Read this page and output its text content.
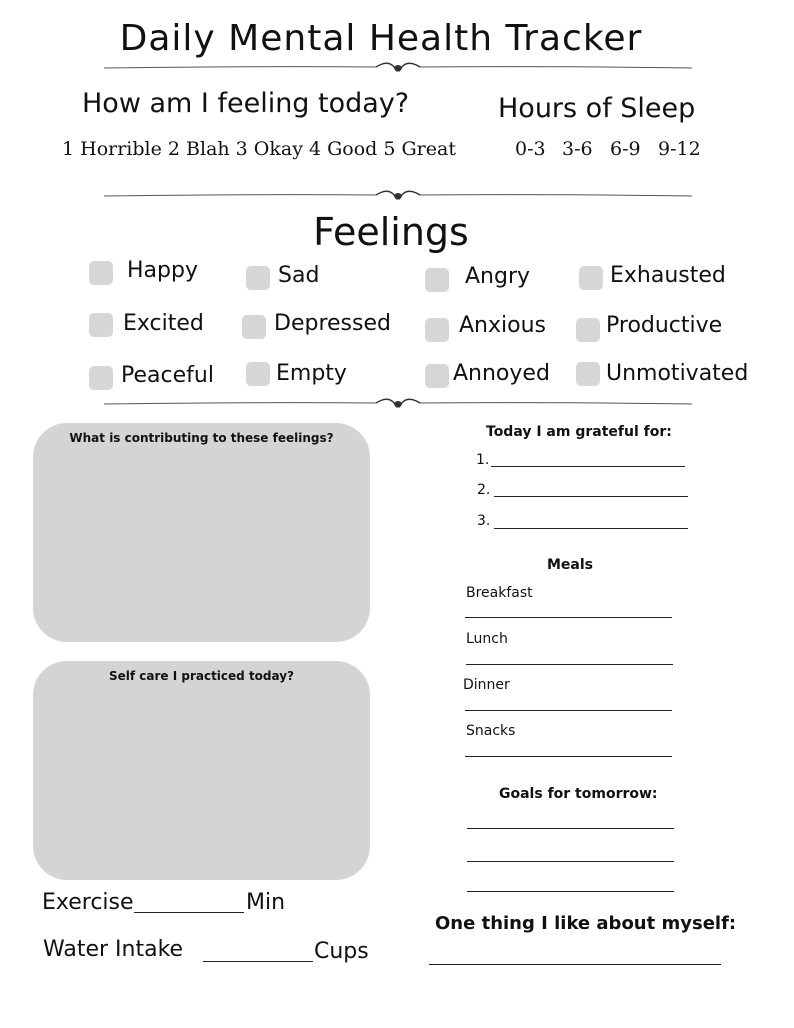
Daily Mental Health Tracker
How am I feeling today?
1 Horrible 2 Blah 3 Okay 4 Good 5 Great
Hours of Sleep
0-3 3-6 6-9 9-12
Feelings
Happy	Sad	Angry	Exhausted
Excited	Depressed	Anxious	Productive
Peaceful	Empty	Annoyed	Unmotivated
What is contributing to these feelings?
Self care I practiced today?
Exercise	Min
Water Intake	Cups
Today I am grateful for:
1.
2.
3.
Meals
Breakfast
Lunch
Dinner
Snacks
Goals for tomorrow:
One thing I like about myself:
